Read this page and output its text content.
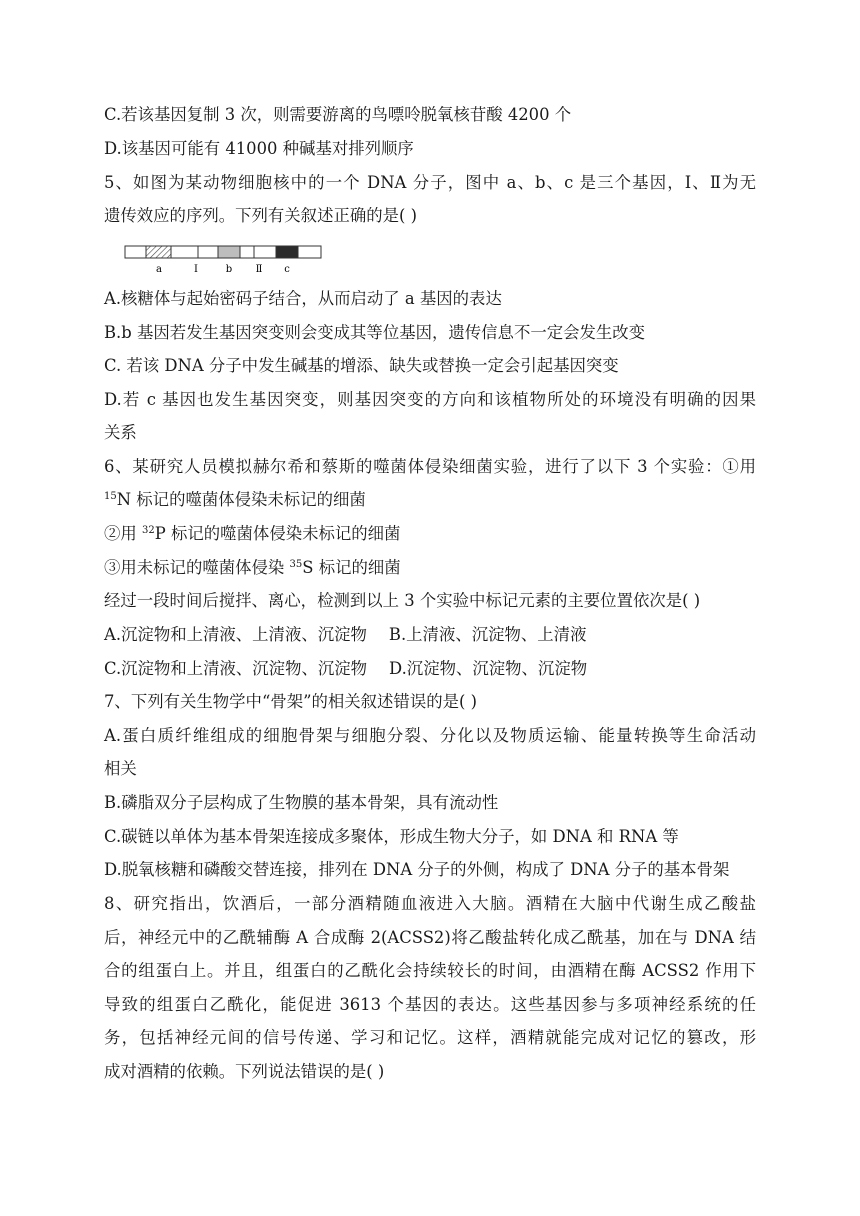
C.若该基因复制 3 次，则需要游离的鸟嘌呤脱氧核苷酸 4200 个
D.该基因可能有 41000 种碱基对排列顺序
5、如图为某动物细胞核中的一个 DNA 分子，图中 a、b、c 是三个基因，Ⅰ、Ⅱ为无
遗传效应的序列。下列有关叙述正确的是( )
a	Ⅰ	b Ⅱ c
A.核糖体与起始密码子结合，从而启动了 a 基因的表达
B.b 基因若发生基因突变则会变成其等位基因，遗传信息不一定会发生改变
C. 若该 DNA 分子中发生碱基的增添、缺失或替换一定会引起基因突变
D.若 c 基因也发生基因突变，则基因突变的方向和该植物所处的环境没有明确的因果
关系
6、某研究人员模拟赫尔希和蔡斯的噬菌体侵染细菌实验，进行了以下 3 个实验：①用
$^{15}$N 标记的噬菌体侵染未标记的细菌
②用 $^{32}$P 标记的噬菌体侵染未标记的细菌
③用未标记的噬菌体侵染 $^{35}$S 标记的细菌
经过一段时间后搅拌、离心，检测到以上 3 个实验中标记元素的主要位置依次是( )
A.沉淀物和上清液、上清液、沉淀物 B.上清液、沉淀物、上清液
C.沉淀物和上清液、沉淀物、沉淀物 D.沉淀物、沉淀物、沉淀物
7、下列有关生物学中“骨架”的相关叙述错误的是( )
A.蛋白质纤维组成的细胞骨架与细胞分裂、分化以及物质运输、能量转换等生命活动
相关
B.磷脂双分子层构成了生物膜的基本骨架，具有流动性
C.碳链以单体为基本骨架连接成多聚体，形成生物大分子，如 DNA 和 RNA 等
D.脱氧核糖和磷酸交替连接，排列在 DNA 分子的外侧，构成了 DNA 分子的基本骨架
8、研究指出，饮酒后，一部分酒精随血液进入大脑。酒精在大脑中代谢生成乙酸盐
后，神经元中的乙酰辅酶 A 合成酶 2(ACSS2)将乙酸盐转化成乙酰基，加在与 DNA 结
合的组蛋白上。并且，组蛋白的乙酰化会持续较长的时间，由酒精在酶 ACSS2 作用下
导致的组蛋白乙酰化，能促进 3613 个基因的表达。这些基因参与多项神经系统的任
务，包括神经元间的信号传递、学习和记忆。这样，酒精就能完成对记忆的篡改，形
成对酒精的依赖。下列说法错误的是( )
